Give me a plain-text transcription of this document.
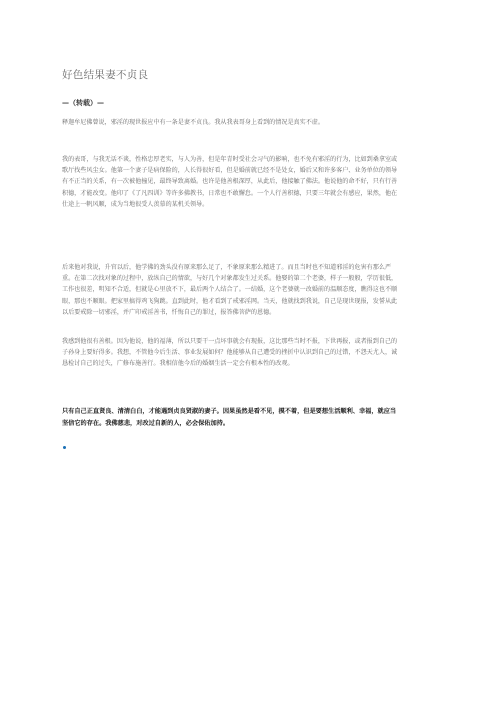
好色结果妻不贞良
—（转载）—

释迦牟尼佛曾说，邪淫的现世报应中有一条是妻不贞良。我从我表哥身上看到的情况是真实不虚。

我的表哥，与我无话不谈，性格忠厚老实，与人为善，但是年青时受社会习气的影响，也不免有邪淫的行为，比如到桑拿室或歌厅找些风尘女。他第一个妻子是病保险的，人长得很好看，但是婚前就已经不是处女，婚后又和许多客户、业务单位的领导有不正当的关系，有一次被他撞见，最终导致离婚。也许是他善根深厚，从此后，他接触了佛法。他说他的命不好，只有行善积德，才能改变。他印了《了凡四训》等许多佛教书，日常也不敢懈怠。一个人行善积德，只要三年就会有感应，果然，他在仕途上一帆风顺，成为当地很受人羡慕的某机关领导。

后来他对我说，升官以后，他学佛的劲头没有原来那么足了，不象原来那么精进了。而且当时也不知道邪淫的危害有那么严重。在第二次找对象的过程中，放纵自己的情欲，与好几个对象都发生过关系。他娶的第二个老婆，样子一般般，学历很低，工作也很差，明知不合适，但就是心里放不下，最后两个人结合了。一结婚，这个老婆就一改婚前的温顺态度，瞧得这也不顺眼，那也不顺眼。把家里搞得鸡飞狗跳。直到此时，他才看到了戒邪淫网。当天，他就找到我说，自己是现世现报，发誓从此以后要戒除一切邪淫，并广印戒淫善书，忏悔自己的罪过，报答佛菩萨的恩德。

我感到他很有善根。因为他说，他的福薄，所以只要干一点坏事就会有现报，这比那些当时不报，下世再报，或者报到自己的子孙身上要好得多。我想，不管他今后生活、事业发展如何？他能够从自己遭受的挫折中认识到自己的过错，不怨天尤人，诚恳检讨自己的过失，广修布施善行。我相信他今后的婚姻生活一定会有根本性的改观。

只有自己正直贤良、清清白白，才能遇到贞良贤淑的妻子。因果虽然是看不见，摸不着，但是要想生活顺利、幸福，就应当坚信它的存在。我佛慈悲，对改过自新的人，必会保佑加持。
